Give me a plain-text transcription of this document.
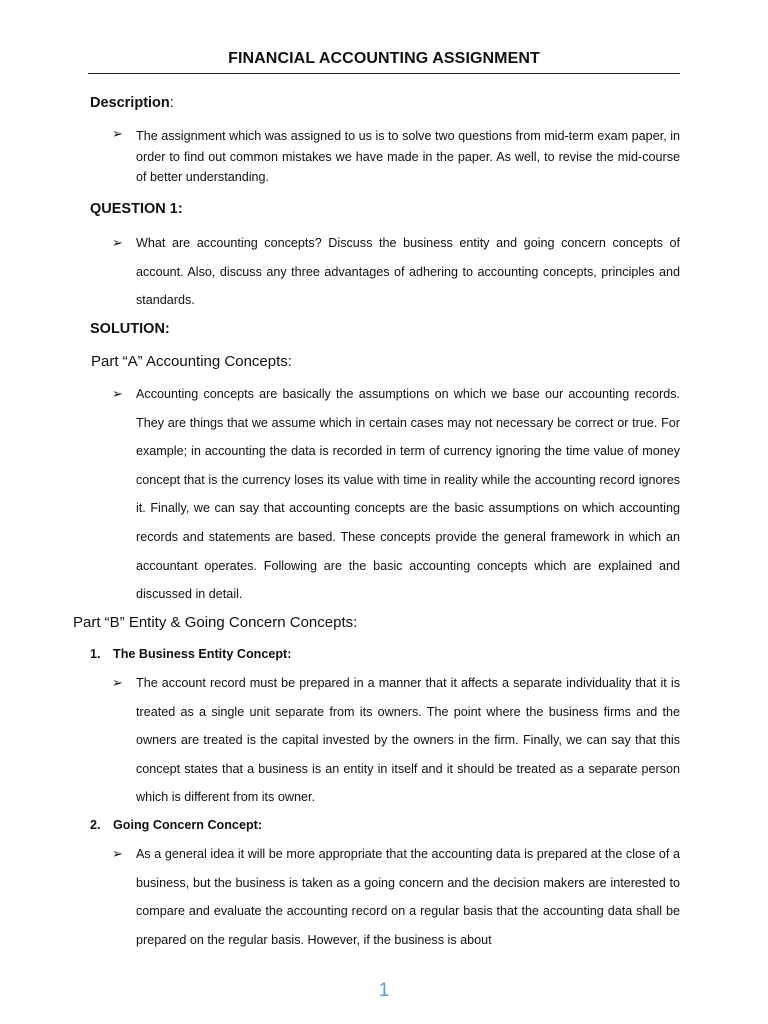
FINANCIAL ACCOUNTING ASSIGNMENT
Description:
➢ The assignment which was assigned to us is to solve two questions from mid-term exam paper, in order to find out common mistakes we have made in the paper. As well, to revise the mid-course of better understanding.
QUESTION 1:
➢ What are accounting concepts? Discuss the business entity and going concern concepts of account. Also, discuss any three advantages of adhering to accounting concepts, principles and standards.
SOLUTION:
Part “A” Accounting Concepts:
➢ Accounting concepts are basically the assumptions on which we base our accounting records. They are things that we assume which in certain cases may not necessary be correct or true. For example; in accounting the data is recorded in term of currency ignoring the time value of money concept that is the currency loses its value with time in reality while the accounting record ignores it. Finally, we can say that accounting concepts are the basic assumptions on which accounting records and statements are based. These concepts provide the general framework in which an accountant operates. Following are the basic accounting concepts which are explained and discussed in detail.
Part “B” Entity & Going Concern Concepts:
1. The Business Entity Concept:
➢ The account record must be prepared in a manner that it affects a separate individuality that it is treated as a single unit separate from its owners. The point where the business firms and the owners are treated is the capital invested by the owners in the firm. Finally, we can say that this concept states that a business is an entity in itself and it should be treated as a separate person which is different from its owner.
2. Going Concern Concept:
➢ As a general idea it will be more appropriate that the accounting data is prepared at the close of a business, but the business is taken as a going concern and the decision makers are interested to compare and evaluate the accounting record on a regular basis that the accounting data shall be prepared on the regular basis. However, if the business is about
1
